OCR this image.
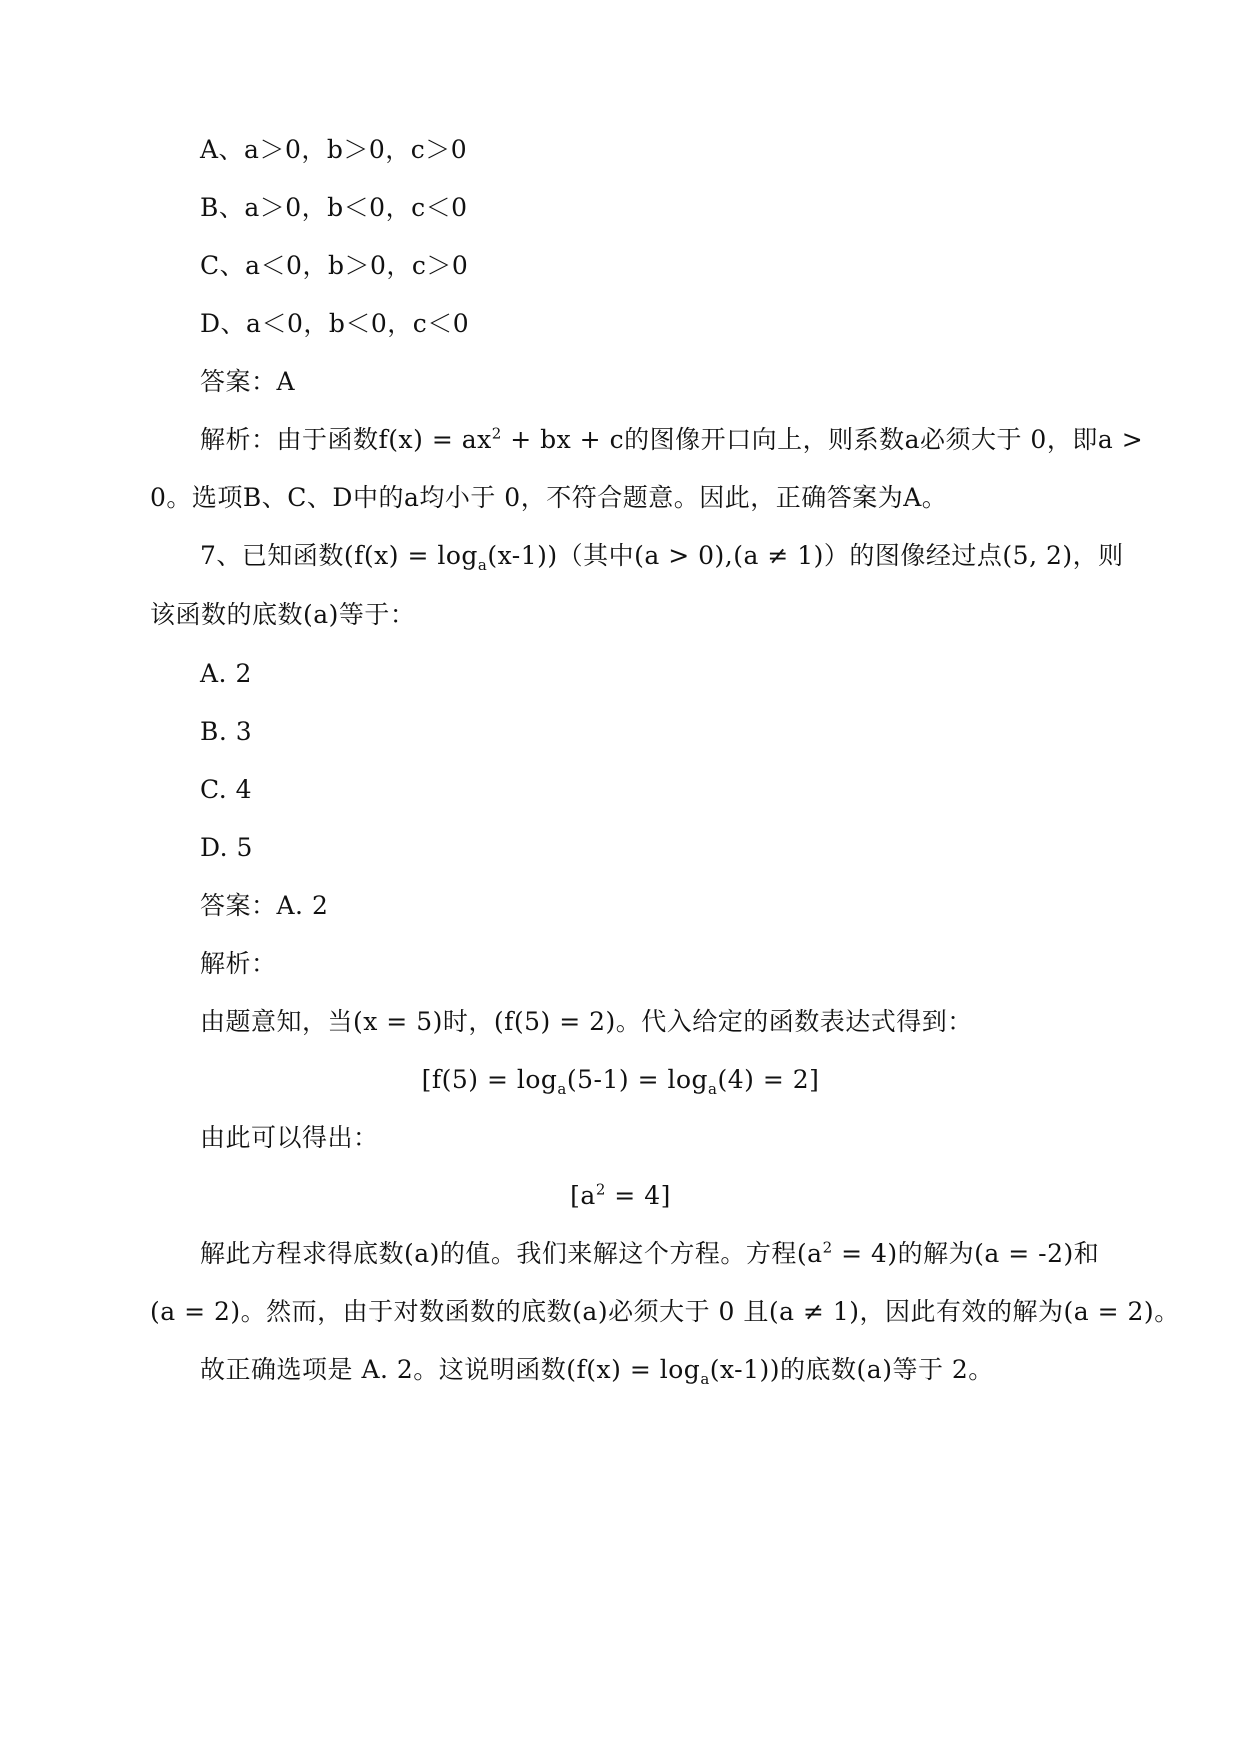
A、a＞0，b＞0，c＞0
B、a＞0，b＜0，c＜0
C、a＜0，b＞0，c＞0
D、a＜0，b＜0，c＜0
答案：A
解析：由于函数$f(x) = ax^2$ + bx + c的图像开口向上，则系数a必须大于 0，即a >
0。选项B、C、D中的a均小于 0，不符合题意。因此，正确答案为A。
7、已知函数$(f(x) = \log_a(x-1))$（其中(a > 0),(a ≠ 1)）的图像经过点(5, 2)，则
该函数的底数(a)等于：
A. 2
B. 3
C. 4
D. 5
答案：A. 2
解析：
由题意知，当(x = 5)时，(f(5) = 2)。代入给定的函数表达式得到：
$[f(5) = \log_a(5-1) = \log_a(4) = 2]$
由此可以得出：
$[a^2 = 4]$
解此方程求得底数(a)的值。我们来解这个方程。方程$(a^2 = 4)$的解为(a = -2)和
(a = 2)。然而，由于对数函数的底数(a)必须大于 0 且(a ≠ 1)，因此有效的解为(a = 2)。
故正确选项是 A. 2。这说明函数$(f(x) = \log_a(x-1))$的底数(a)等于 2。
